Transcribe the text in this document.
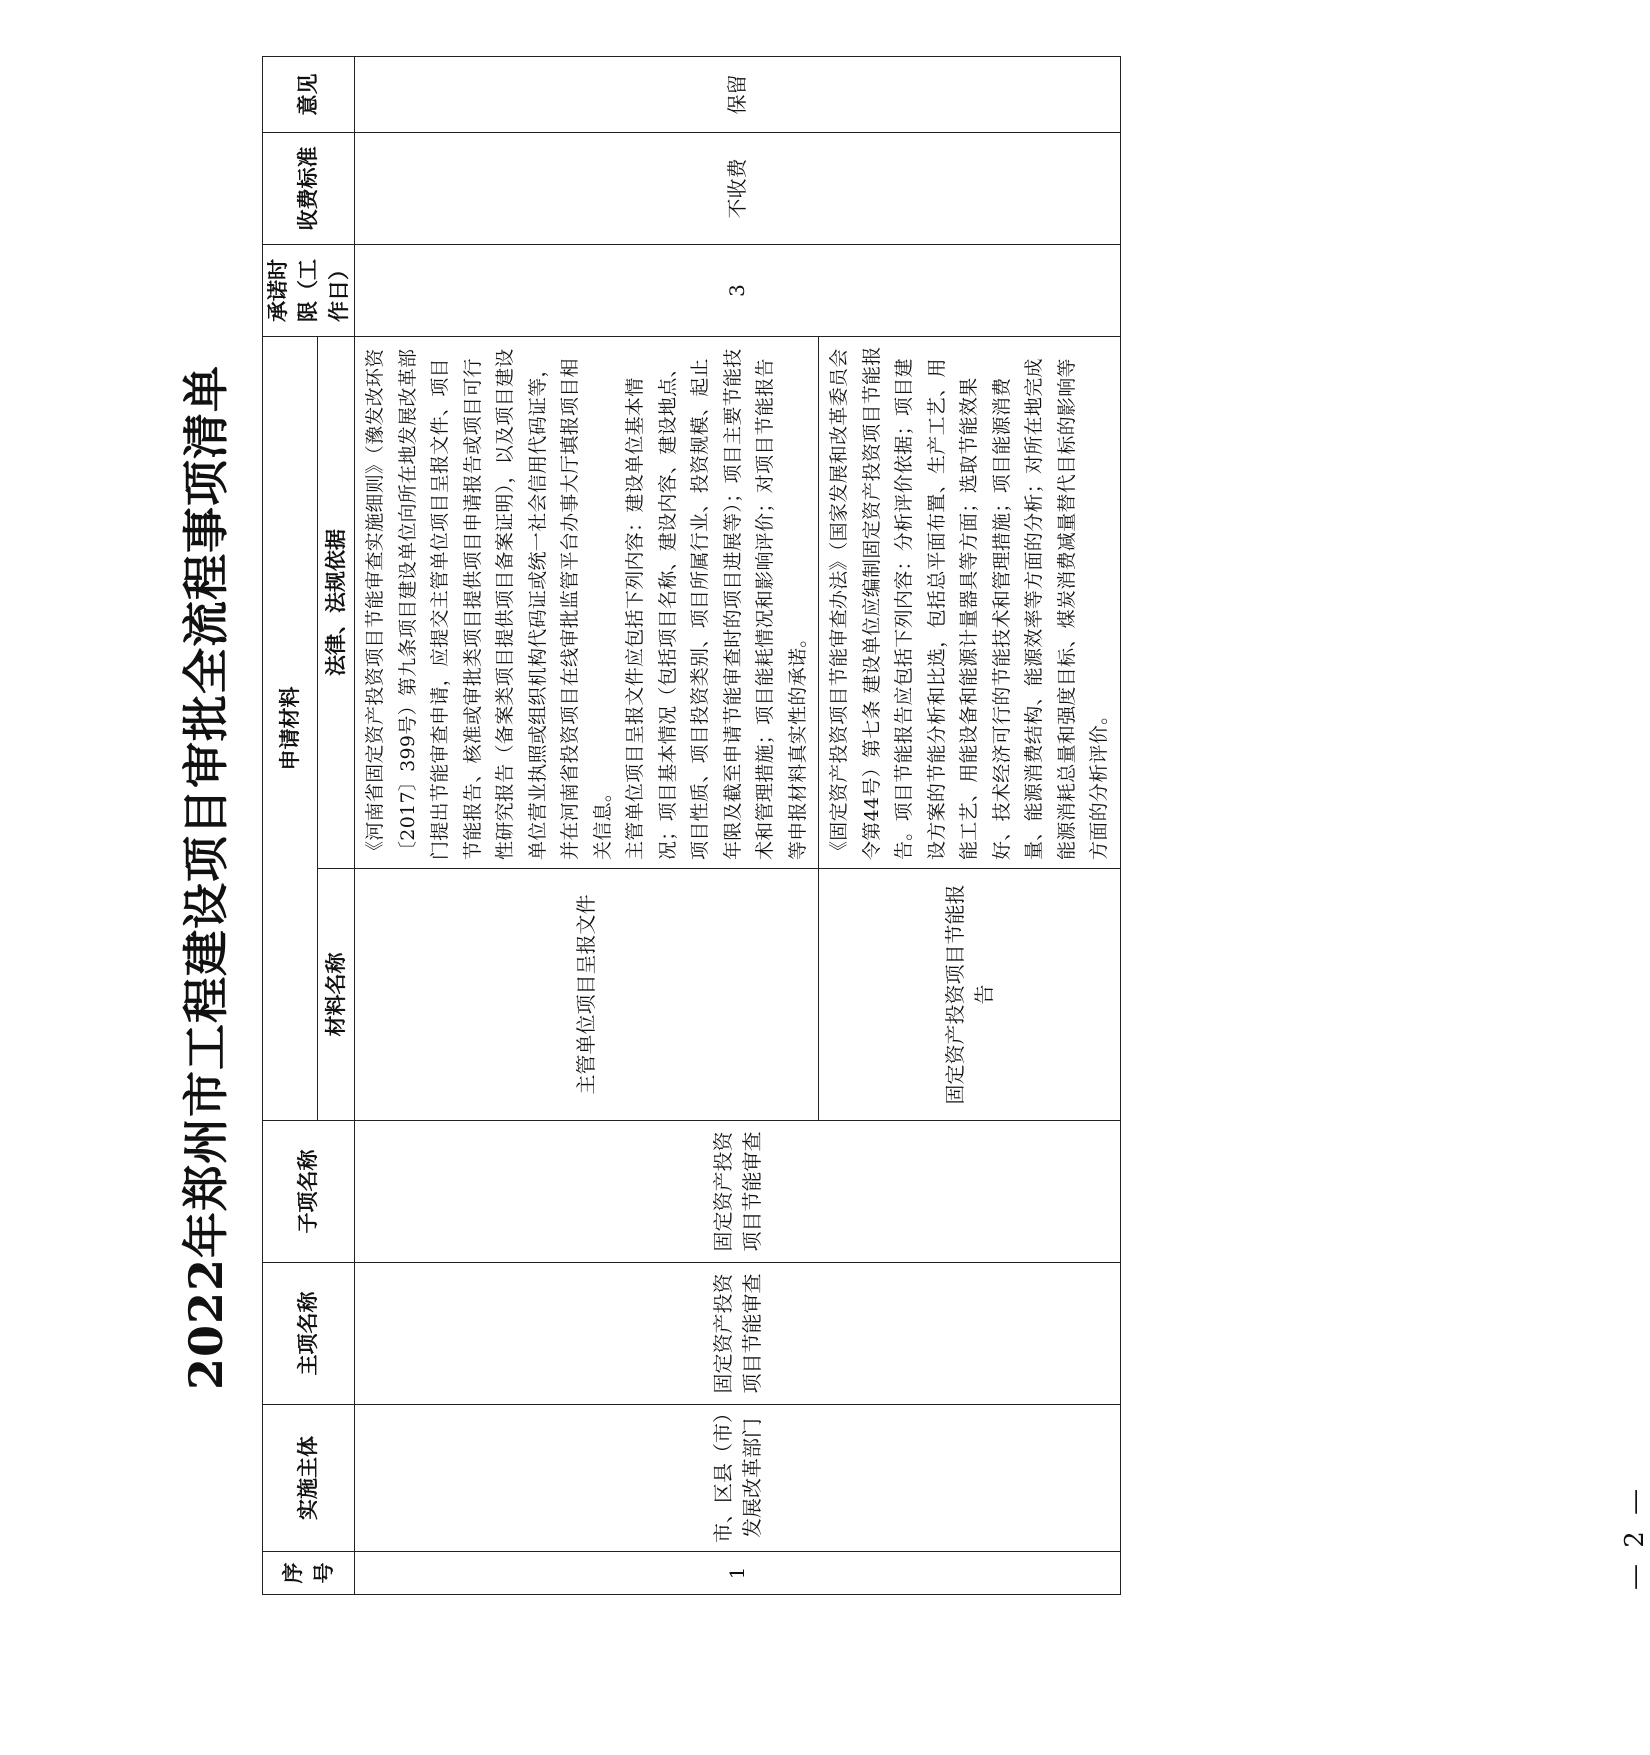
2022年郑州市工程建设项目审批全流程事项清单
序号	实施主体	主项名称	子项名称	申请材料		承诺时限（工作日）	收费标准	意见
				材料名称	法律、法规依据			
1	市、区县（市）发展改革部门	固定资产投资项目节能审查	固定资产投资项目节能审查	主管单位项目呈报文件	《河南省固定资产投资项目节能审查实施细则》（豫发改环资〔2017〕399号）第九条项目建设单位向所在地发展改革部门提出节能审查申请，应提交主管单位项目呈报文件、项目节能报告、核准或审批类项目提供项目申请报告或项目可行性研究报告（备案类项目提供项目备案证明），以及项目建设单位营业执照或组织机构代码证或统一社会信用代码证等，并在河南省投资项目在线审批监管平台办事大厅填报项目相关信息。 主管单位项目呈报文件应包括下列内容：建设单位基本情况；项目基本情况（包括项目名称、建设内容、建设地点、项目性质、项目投资类别、项目所属行业、投资规模、起止年限及截至申请节能审查时的项目进展等）；项目主要节能技术和管理措施；项目能耗情况和影响评价；对项目节能报告等申报材料真实性的承诺。	3	不收费	保留
				固定资产投资项目节能报告	《固定资产投资项目节能审查办法》（国家发展和改革委员会令第44号）第七条 建设单位应编制固定资产投资项目节能报告。项目节能报告应包括下列内容：分析评价依据；项目建设方案的节能分析和比选，包括总平面布置、生产工艺、用能工艺、用能设备和能源计量器具等方面；选取节能效果好、技术经济可行的节能技术和管理措施；项目能源消费量、能源消费结构、能源效率等方面的分析；对所在地完成能源消耗总量和强度目标、煤炭消费减量替代目标的影响等方面的分析评价。			

— 2 —
